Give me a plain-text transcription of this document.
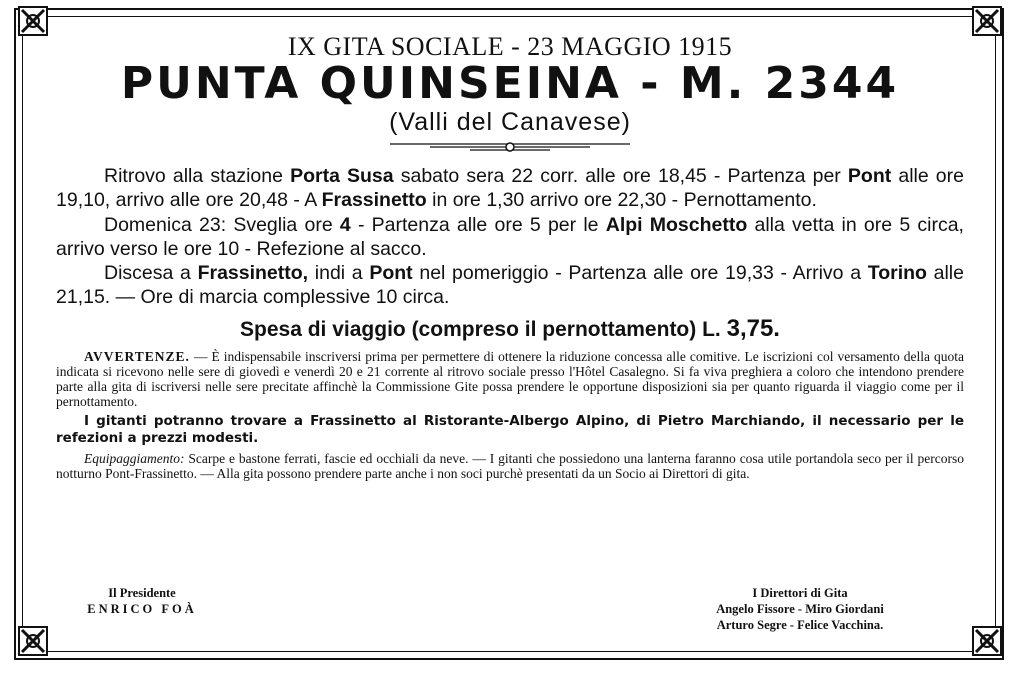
IX GITA SOCIALE - 23 MAGGIO 1915
PUNTA QUINSEINA - M. 2344
(Valli del Canavese)

Ritrovo alla stazione Porta Susa sabato sera 22 corr. alle ore 18,45 - Partenza per Pont alle ore 19,10, arrivo alle ore 20,48 - A Frassinetto in ore 1,30 arrivo ore 22,30 - Pernottamento.

Domenica 23: Sveglia ore 4 - Partenza alle ore 5 per le Alpi Moschetto alla vetta in ore 5 circa, arrivo verso le ore 10 - Refezione al sacco.

Discesa a Frassinetto, indi a Pont nel pomeriggio - Partenza alle ore 19,33 - Arrivo a Torino alle 21,15. — Ore di marcia complessive 10 circa.

Spesa di viaggio (compreso il pernottamento) L. 3,75.

AVVERTENZE. — È indispensabile inscriversi prima per permettere di ottenere la riduzione concessa alle comitive. Le iscrizioni col versamento della quota indicata si ricevono nelle sere di giovedì e venerdì 20 e 21 corrente al ritrovo sociale presso l'Hôtel Casalegno. Si fa viva preghiera a coloro che intendono prendere parte alla gita di iscriversi nelle sere precitate affinchè la Commissione Gite possa prendere le opportune disposizioni sia per quanto riguarda il viaggio come per il pernottamento.

I gitanti potranno trovare a Frassinetto al Ristorante-Albergo Alpino, di Pietro Marchiando, il necessario per le refezioni a prezzi modesti.

Equipaggiamento: Scarpe e bastone ferrati, fascie ed occhiali da neve. — I gitanti che possiedono una lanterna faranno cosa utile portandola seco per il percorso notturno Pont-Frassinetto. — Alla gita possono prendere parte anche i non soci purchè presentati da un Socio ai Direttori di gita.

Il Presidente
ENRICO FOÀ
I Direttori di Gita
Angelo Fissore - Miro Giordani
Arturo Segre - Felice Vacchina.
